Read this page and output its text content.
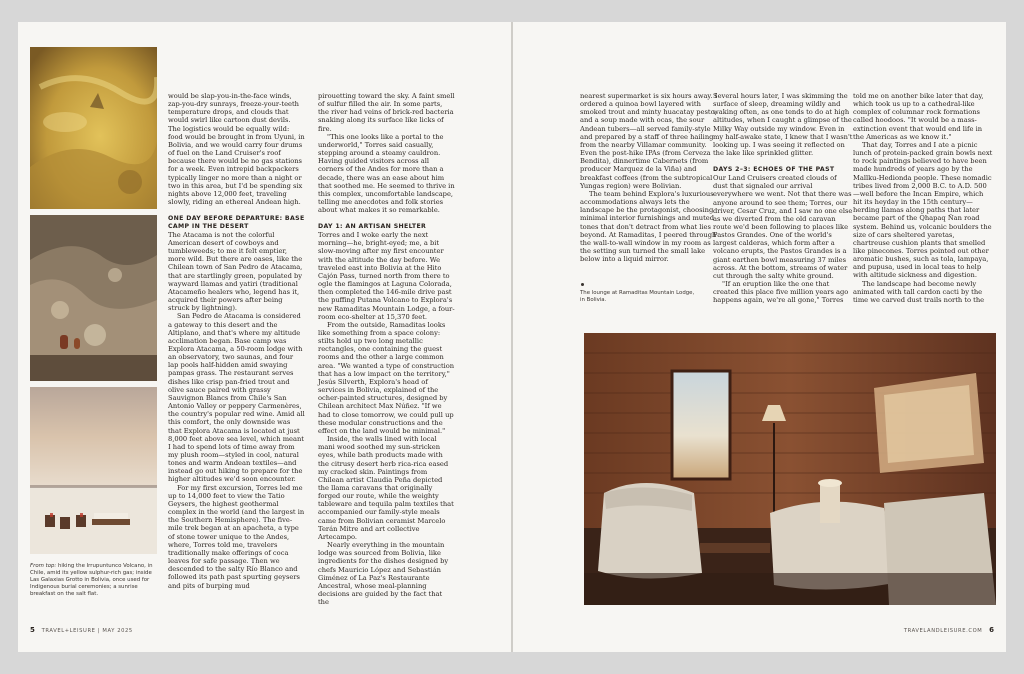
From top: hiking the Irrupuntunco Volcano, in Chile, amid its yellow sulphur-rich gas; inside Las Galaxias Grotto in Bolivia, once used for Indigenous burial ceremonies; a sunrise breakfast on the salt flat.

would be slap-you-in-the-face winds, zap-you-dry sunrays, freeze-your-teeth temperature drops, and clouds that would swirl like cartoon dust devils. The logistics would be equally wild: food would be brought in from Uyuni, in Bolivia, and we would carry four drums of fuel on the Land Cruiser's roof because there would be no gas stations for a week. Even intrepid backpackers typically linger no more than a night or two in this area, but I'd be spending six nights above 12,000 feet, traveling slowly, riding an ethereal Andean high.

ONE DAY BEFORE DEPARTURE: BASE CAMP IN THE DESERT

The Atacama is not the colorful American desert of cowboys and tumbleweeds; to me it felt emptier, more wild. But there are oases, like the Chilean town of San Pedro de Atacama, that are startlingly green, populated by wayward llamas and yatiri (traditional Atacameño healers who, legend has it, acquired their powers after being struck by lightning).

San Pedro de Atacama is considered a gateway to this desert and the Altiplano, and that's where my altitude acclimation began. Base camp was Explora Atacama, a 50-room lodge with an observatory, two saunas, and four lap pools half-hidden amid swaying pampas grass. The restaurant serves dishes like crisp pan-fried trout and olive sauce paired with grassy Sauvignon Blancs from Chile's San Antonio Valley or peppery Carmenères, the country's popular red wine. Amid all this comfort, the only downside was that Explora Atacama is located at just 8,000 feet above sea level, which meant I had to spend lots of time away from my plush room—styled in cool, natural tones and warm Andean textiles—and instead go out hiking to prepare for the higher altitudes we'd soon encounter.

For my first excursion, Torres led me up to 14,000 feet to view the Tatio Geysers, the highest geothermal complex in the world (and the largest in the Southern Hemisphere). The five-mile trek began at an apacheta, a type of stone tower unique to the Andes, where, Torres told me, travelers traditionally make offerings of coca leaves for safe passage. Then we descended to the salty Río Blanco and followed its path past spurting geysers and pits of burping mud

pirouetting toward the sky. A faint smell of sulfur filled the air. In some parts, the river had veins of brick-red bacteria snaking along its surface like licks of fire.

"This one looks like a portal to the underworld," Torres said casually, stepping around a steamy cauldron. Having guided visitors across all corners of the Andes for more than a decade, there was an ease about him that soothed me. He seemed to thrive in this complex, uncomfortable landscape, telling me anecdotes and folk stories about what makes it so remarkable.

DAY 1: AN ARTISAN SHELTER

Torres and I woke early the next morning—he, bright-eyed; me, a bit slow-moving after my first encounter with the altitude the day before. We traveled east into Bolivia at the Hito Cajón Pass, turned north from there to ogle the flamingos at Laguna Colorada, then completed the 146-mile drive past the puffing Putana Volcano to Explora's new Ramaditas Mountain Lodge, a four-room eco-shelter at 15,370 feet.

From the outside, Ramaditas looks like something from a space colony: stilts hold up two long metallic rectangles, one containing the guest rooms and the other a large common area. "We wanted a type of construction that has a low impact on the territory," Jesús Silverth, Explora's head of services in Bolivia, explained of the ocher-painted structures, designed by Chilean architect Max Núñez. "If we had to close tomorrow, we could pull up these modular constructions and the effect on the land would be minimal."

Inside, the walls lined with local mani wood soothed my sun-stricken eyes, while bath products made with the citrusy desert herb rica-rica eased my cracked skin. Paintings from Chilean artist Claudia Peña depicted the llama caravans that originally forged our route, while the weighty tableware and tequila palm textiles that accompanied our family-style meals came from Bolivian ceramist Marcelo Terán Mitre and art collective Artecampo.

Nearly everything in the mountain lodge was sourced from Bolivia, like ingredients for the dishes designed by chefs Mauricio López and Sebastián Giménez of La Paz's Restaurante Ancestral, whose meal-planning decisions are guided by the fact that the

5 TRAVEL+LEISURE | MAY 2025

nearest supermarket is six hours away. I ordered a quinoa bowl layered with smoked trout and minty huacatay pesto, and a soup made with ocas, the sour Andean tubers—all served family-style and prepared by a staff of three hailing from the nearby Villamar community. Even the post-hike IPAs (from Cerveza Bendita), dinnertime Cabernets (from producer Marquez de la Viña) and breakfast coffees (from the subtropical Yungas region) were Bolivian.

The team behind Explora's luxurious accommodations always lets the landscape be the protagonist, choosing minimal interior furnishings and muted tones that don't detract from what lies beyond. At Ramaditas, I peered through the wall-to-wall window in my room as the setting sun turned the small lake below into a liquid mirror.

The lounge at Ramaditas Mountain Lodge, in Bolivia.

Several hours later, I was skimming the surface of sleep, dreaming wildly and waking often, as one tends to do at high altitudes, when I caught a glimpse of the Milky Way outside my window. Even in my half-awake state, I knew that I wasn't looking up. I was seeing it reflected on the lake like sprinkled glitter.

DAYS 2–3: ECHOES OF THE PAST

Our Land Cruisers created clouds of dust that signaled our arrival everywhere we went. Not that there was anyone around to see them; Torres, our driver, Cesar Cruz, and I saw no one else as we diverted from the old caravan route we'd been following to places like Pastos Grandes. One of the world's largest calderas, which form after a volcano erupts, the Pastos Grandes is a giant earthen bowl measuring 37 miles across. At the bottom, streams of water cut through the salty white ground.

"If an eruption like the one that created this place five million years ago happens again, we're all gone," Torres

told me on another bike later that day, which took us up to a cathedral-like complex of columnar rock formations called hoodoos. "It would be a mass-extinction event that would end life in the Americas as we know it."

That day, Torres and I ate a picnic lunch of protein-packed grain bowls next to rock paintings believed to have been made hundreds of years ago by the Mallku-Hedionda people. These nomadic tribes lived from 2,000 B.C. to A.D. 500—well before the Incan Empire, which hit its heyday in the 15th century—herding llamas along paths that later became part of the Qhapaq Ñan road system. Behind us, volcanic boulders the size of cars sheltered yaretas, chartreuse cushion plants that smelled like pinecones. Torres pointed out other aromatic bushes, such as tola, lampaya, and pupusa, used in local teas to help with altitude sickness and digestion.

The landscape had become newly animated with tall cardon cacti by the time we carved dust trails north to the

TRAVELANDLEISURE.COM 6
